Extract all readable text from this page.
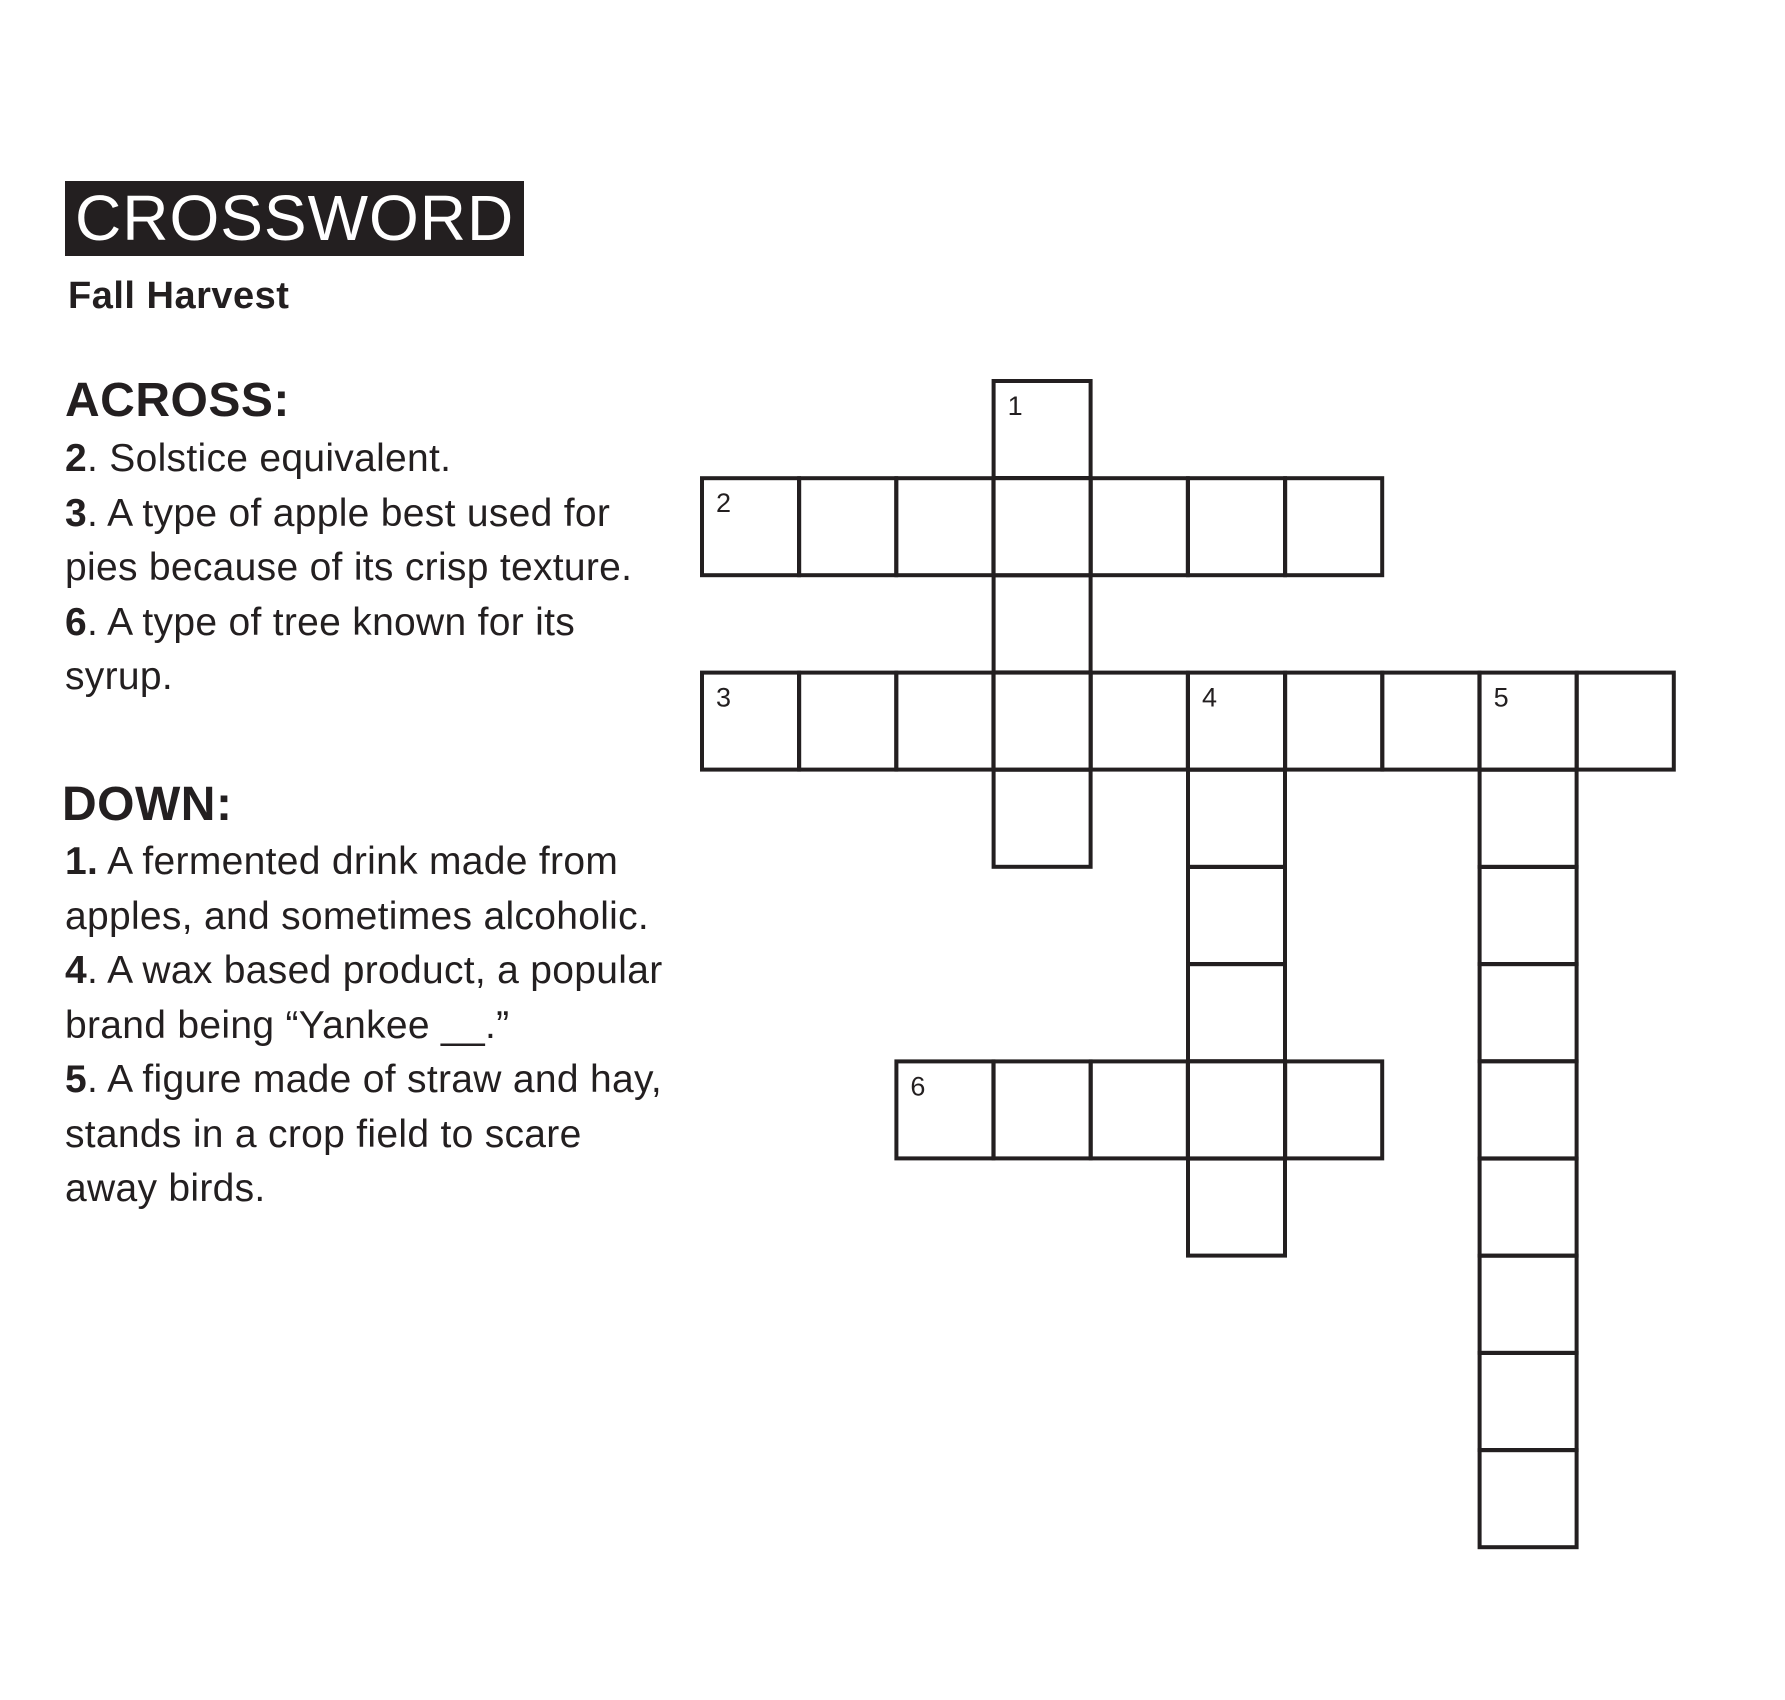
CROSSWORD
Fall Harvest
ACROSS:

2. Solstice equivalent.

3. A type of apple best used for pies because of its crisp texture.

6. A type of tree known for its syrup.

DOWN:

1. A fermented drink made from apples, and sometimes alcoholic.

4. A wax based product, a popular brand being “Yankee __.”

5. A figure made of straw and hay, stands in a crop field to scare away birds.

1
2
3	4	5
6
